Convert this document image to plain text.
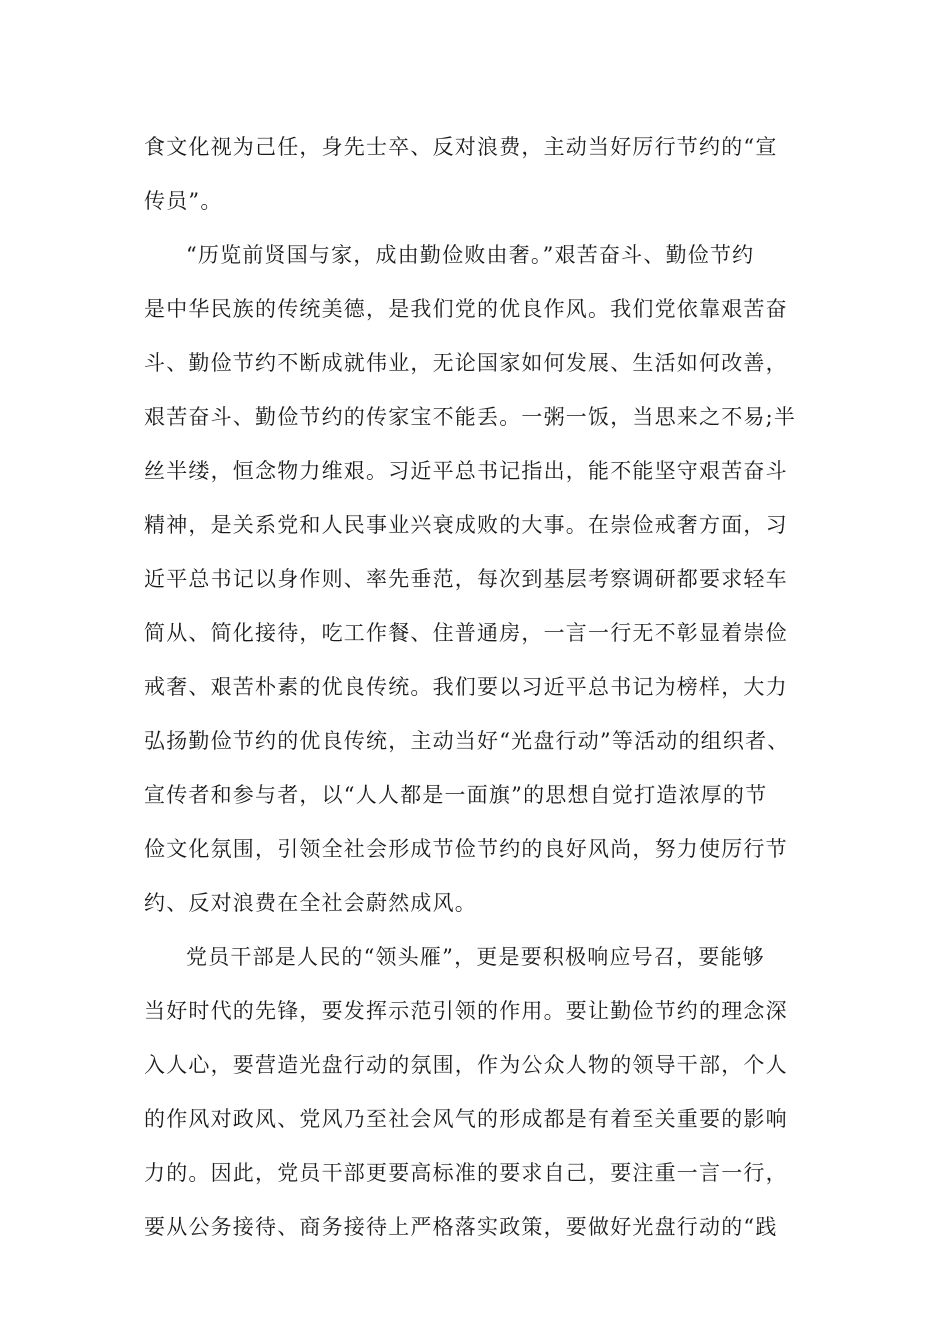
食文化视为己任，身先士卒、反对浪费，主动当好厉行节约的“宣
传员”。
“历览前贤国与家，成由勤俭败由奢。”艰苦奋斗、勤俭节约
是中华民族的传统美德，是我们党的优良作风。我们党依靠艰苦奋
斗、勤俭节约不断成就伟业，无论国家如何发展、生活如何改善，
艰苦奋斗、勤俭节约的传家宝不能丢。一粥一饭，当思来之不易;半
丝半缕，恒念物力维艰。习近平总书记指出，能不能坚守艰苦奋斗
精神，是关系党和人民事业兴衰成败的大事。在崇俭戒奢方面，习
近平总书记以身作则、率先垂范，每次到基层考察调研都要求轻车
简从、简化接待，吃工作餐、住普通房，一言一行无不彰显着崇俭
戒奢、艰苦朴素的优良传统。我们要以习近平总书记为榜样，大力
弘扬勤俭节约的优良传统，主动当好“光盘行动”等活动的组织者、
宣传者和参与者，以“人人都是一面旗”的思想自觉打造浓厚的节
俭文化氛围，引领全社会形成节俭节约的良好风尚，努力使厉行节
约、反对浪费在全社会蔚然成风。
党员干部是人民的“领头雁”，更是要积极响应号召，要能够
当好时代的先锋，要发挥示范引领的作用。要让勤俭节约的理念深
入人心，要营造光盘行动的氛围，作为公众人物的领导干部，个人
的作风对政风、党风乃至社会风气的形成都是有着至关重要的影响
力的。因此，党员干部更要高标准的要求自己，要注重一言一行，
要从公务接待、商务接待上严格落实政策，要做好光盘行动的“践
